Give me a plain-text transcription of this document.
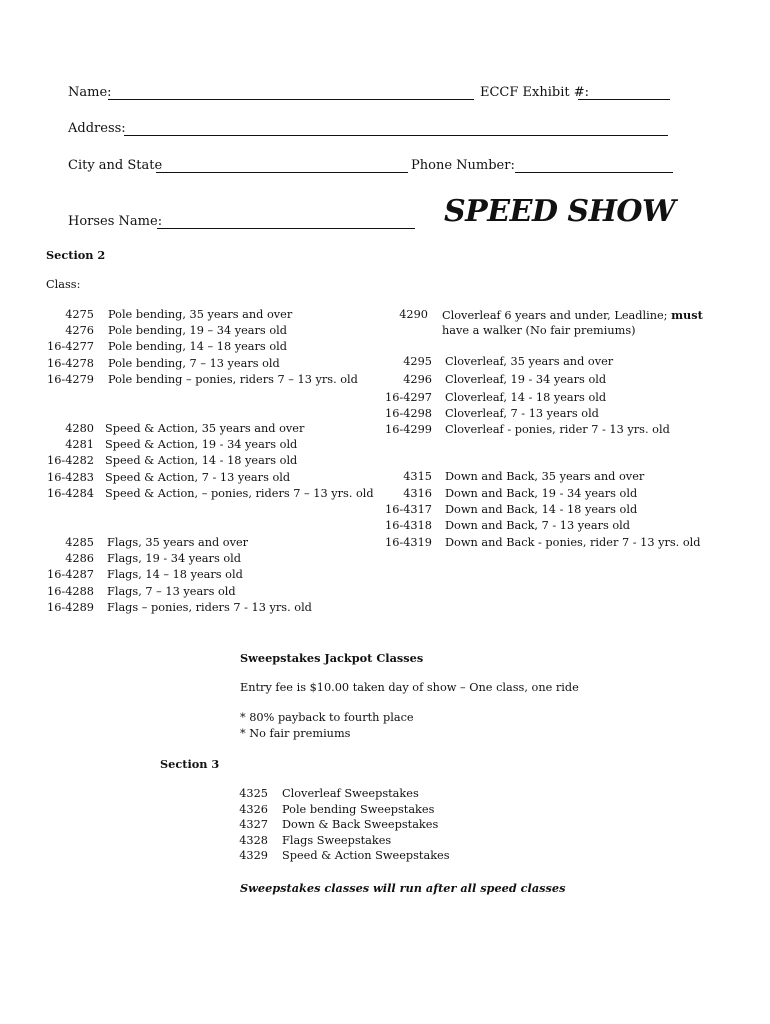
Name:	ECCF Exhibit #:
Address:
City and State	Phone Number:
Horses Name:	SPEED SHOW
Section 2
Class:
4275 Pole bending, 35 years and over
4276 Pole bending, 19 – 34 years old
16-4277 Pole bending, 14 – 18 years old
16-4278 Pole bending, 7 – 13 years old
16-4279 Pole bending – ponies, riders 7 – 13 yrs. old
4280 Speed & Action, 35 years and over
4281 Speed & Action, 19 - 34 years old
16-4282 Speed & Action, 14 - 18 years old
16-4283 Speed & Action, 7 - 13 years old
16-4284 Speed & Action, – ponies, riders 7 – 13 yrs. old
4285 Flags, 35 years and over
4286 Flags, 19 - 34 years old
16-4287 Flags, 14 – 18 years old
16-4288 Flags, 7 – 13 years old
16-4289 Flags – ponies, riders 7 - 13 yrs. old
4290 Cloverleaf 6 years and under, Leadline; must
have a walker (No fair premiums)
4295 Cloverleaf, 35 years and over
4296 Cloverleaf, 19 - 34 years old
16-4297 Cloverleaf, 14 - 18 years old
16-4298 Cloverleaf, 7 - 13 years old
16-4299 Cloverleaf - ponies, rider 7 - 13 yrs. old
4315 Down and Back, 35 years and over
4316 Down and Back, 19 - 34 years old
16-4317 Down and Back, 14 - 18 years old
16-4318 Down and Back, 7 - 13 years old
16-4319 Down and Back - ponies, rider 7 - 13 yrs. old
Sweepstakes Jackpot Classes
Entry fee is $10.00 taken day of show – One class, one ride
* 80% payback to fourth place
* No fair premiums
Section 3
4325 Cloverleaf Sweepstakes
4326 Pole bending Sweepstakes
4327 Down & Back Sweepstakes
4328 Flags Sweepstakes
4329 Speed & Action Sweepstakes
Sweepstakes classes will run after all speed classes
